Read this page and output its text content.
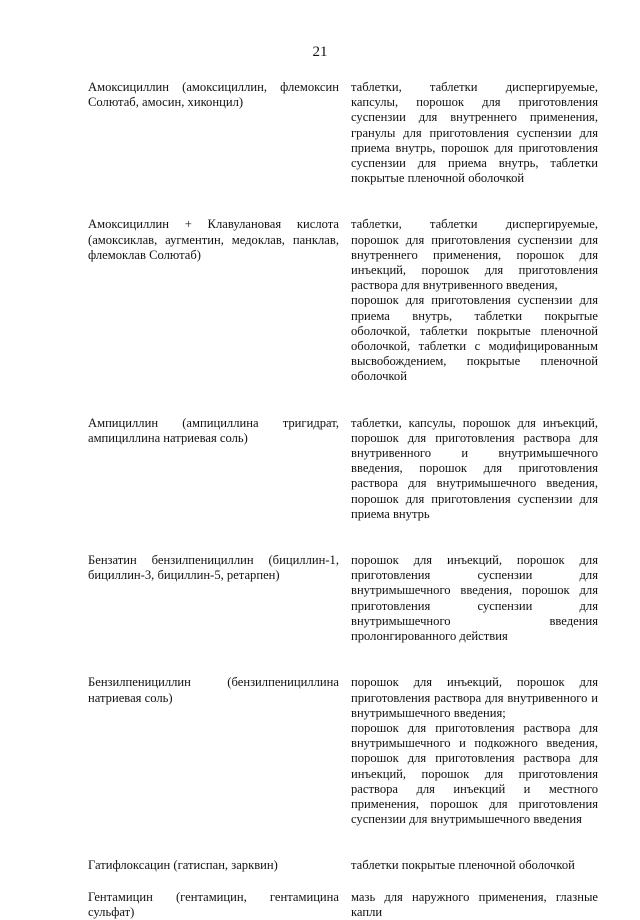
21
Амоксициллин (амоксициллин, флемоксин Солютаб, амосин, хиконцил)

таблетки, таблетки диспергируемые, капсулы, порошок для приготовления суспензии для внутреннего применения, гранулы для приготовления суспензии для приема внутрь, порошок для приготовления суспензии для приема внутрь, таблетки покрытые пленочной оболочкой

Амоксициллин + Клавулановая кислота (амоксиклав, аугментин, медоклав, панклав, флемоклав Солютаб)

таблетки, таблетки диспергируемые, порошок для приготовления суспензии для внутреннего применения, порошок для инъекций, порошок для приготовления раствора для внутривенного введения,

порошок для приготовления суспензии для приема внутрь, таблетки покрытые оболочкой, таблетки покрытые пленочной оболочкой, таблетки с модифицированным высвобождением, покрытые пленочной оболочкой

Ампициллин (ампициллина тригидрат, ампициллина натриевая соль)

таблетки, капсулы, порошок для инъекций, порошок для приготовления раствора для внутривенного и внутримышечного введения, порошок для приготовления раствора для внутримышечного введения, порошок для приготовления суспензии для приема внутрь

Бензатин бензилпенициллин (бициллин-1, бициллин-3, бициллин-5, ретарпен)

порошок для инъекций, порошок для приготовления суспензии для внутримышечного введения, порошок для приготовления суспензии для внутримышечного введения пролонгированного действия

Бензилпенициллин (бензилпенициллина натриевая соль)

порошок для инъекций, порошок для приготовления раствора для внутривенного и внутримышечного введения;

порошок для приготовления раствора для внутримышечного и подкожного введения, порошок для приготовления раствора для инъекций, порошок для приготовления раствора для инъекций и местного применения, порошок для приготовления суспензии для внутримышечного введения

Гатифлоксацин (гатиспан, зарквин)	таблетки покрытые пленочной оболочкой

Гентамицин (гентамицин, гентамицина сульфат)

мазь для наружного применения, глазные капли
